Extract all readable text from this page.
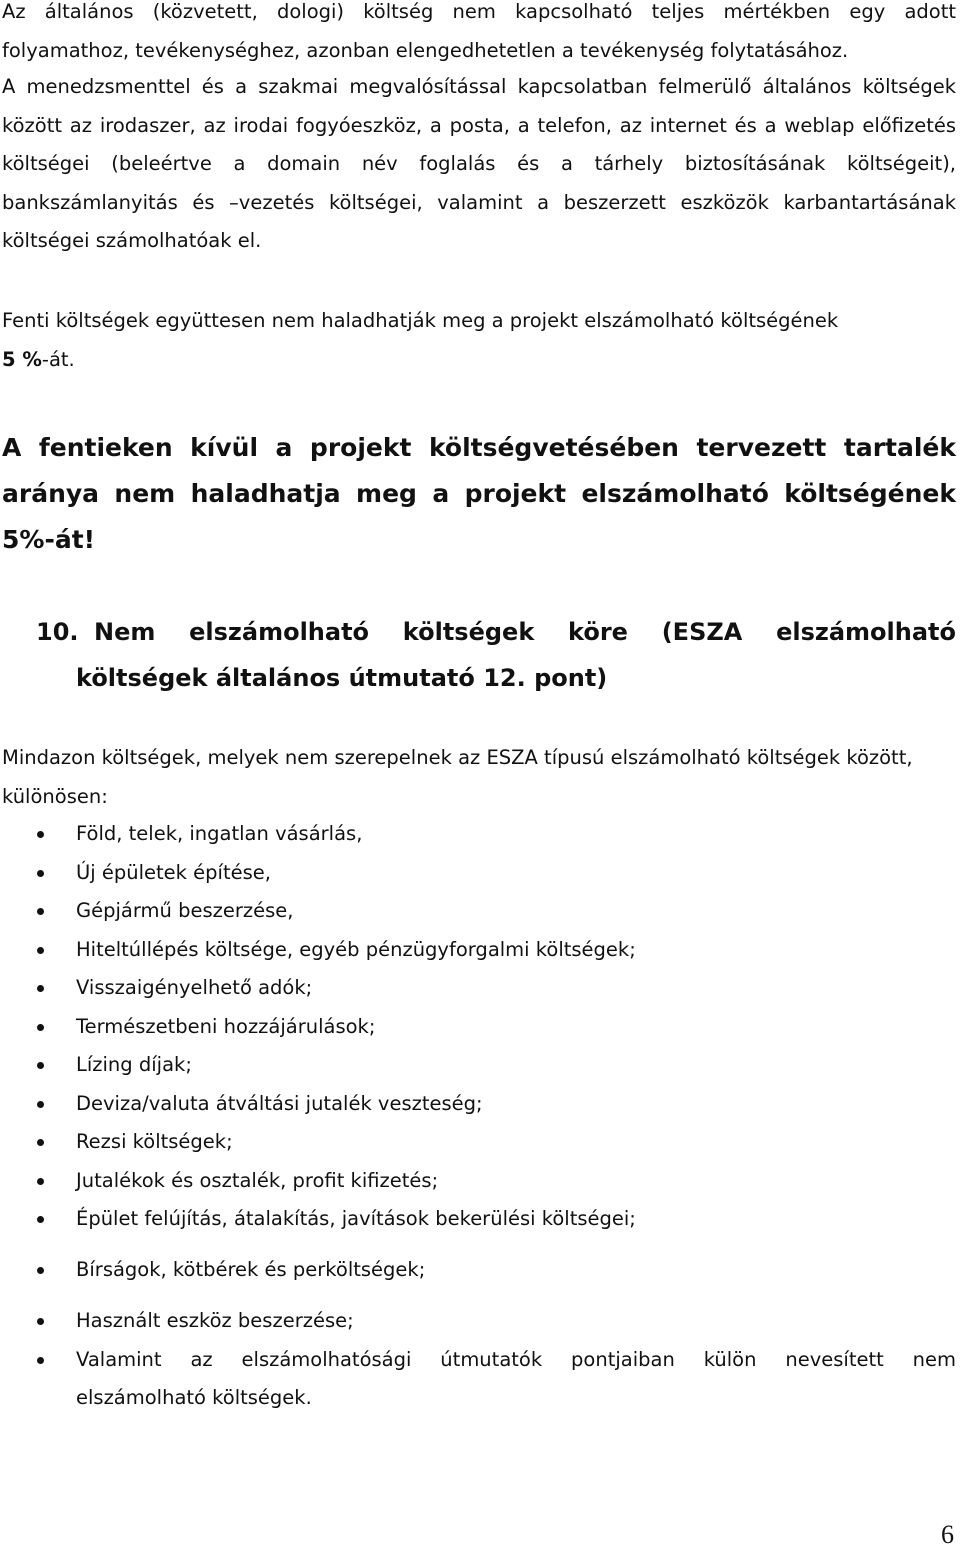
Az általános (közvetett, dologi) költség nem kapcsolható teljes mértékben egy adott
folyamathoz, tevékenységhez, azonban elengedhetetlen a tevékenység folytatásához.
A menedzsmenttel és a szakmai megvalósítással kapcsolatban felmerülő általános költségek között az irodaszer, az irodai fogyóeszköz, a posta, a telefon, az internet és a weblap előfizetés költségei (beleértve a domain név foglalás és a tárhely biztosításának költségeit), bankszámlanyitás és –vezetés költségei, valamint a beszerzett eszközök karbantartásának költségei számolhatóak el.
Fenti költségek együttesen nem haladhatják meg a projekt elszámolható költségének
5 %-át.
A fentieken kívül a projekt költségvetésében tervezett tartalék aránya nem haladhatja meg a projekt elszámolható költségének 5%-át!
10. Nem elszámolható költségek köre (ESZA elszámolható
költségek általános útmutató 12. pont)
Mindazon költségek, melyek nem szerepelnek az ESZA típusú elszámolható költségek között, különösen:
Föld, telek, ingatlan vásárlás,
Új épületek építése,
Gépjármű beszerzése,
Hiteltúllépés költsége, egyéb pénzügyforgalmi költségek;
Visszaigényelhető adók;
Természetbeni hozzájárulások;
Lízing díjak;
Deviza/valuta átváltási jutalék veszteség;
Rezsi költségek;
Jutalékok és osztalék, profit kifizetés;
Épület felújítás, átalakítás, javítások bekerülési költségei;
Bírságok, kötbérek és perköltségek;
Használt eszköz beszerzése;
Valamint az elszámolhatósági útmutatók pontjaiban külön nevesített nem
elszámolható költségek.
6
